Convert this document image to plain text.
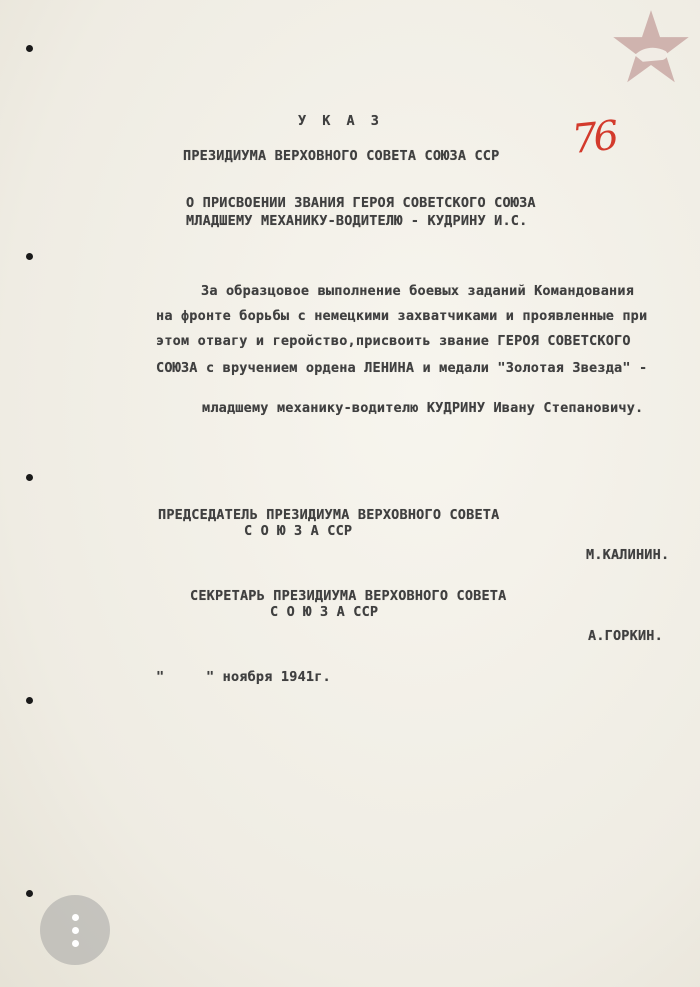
76
У К А З
ПРЕЗИДИУМА ВЕРХОВНОГО СОВЕТА СОЮЗА ССР
О ПРИСВОЕНИИ ЗВАНИЯ ГЕРОЯ СОВЕТСКОГО СОЮЗА
МЛАДШЕМУ МЕХАНИКУ-ВОДИТЕЛЮ - КУДРИНУ И.С.
За образцовое выполнение боевых заданий Командования
на фронте борьбы с немецкими захватчиками и проявленные при
этом отвагу и геройство,присвоить звание ГЕРОЯ СОВЕТСКОГО
СОЮЗА с вручением ордена ЛЕНИНА и медали "Золотая Звезда" -
младшему механику-водителю КУДРИНУ Ивану Степановичу.
ПРЕДСЕДАТЕЛЬ ПРЕЗИДИУМА ВЕРХОВНОГО СОВЕТА
С О Ю З А ССР
М.КАЛИНИН.
СЕКРЕТАРЬ ПРЕЗИДИУМА ВЕРХОВНОГО СОВЕТА
С О Ю З А ССР
А.ГОРКИН.
"     " ноября 1941г.
